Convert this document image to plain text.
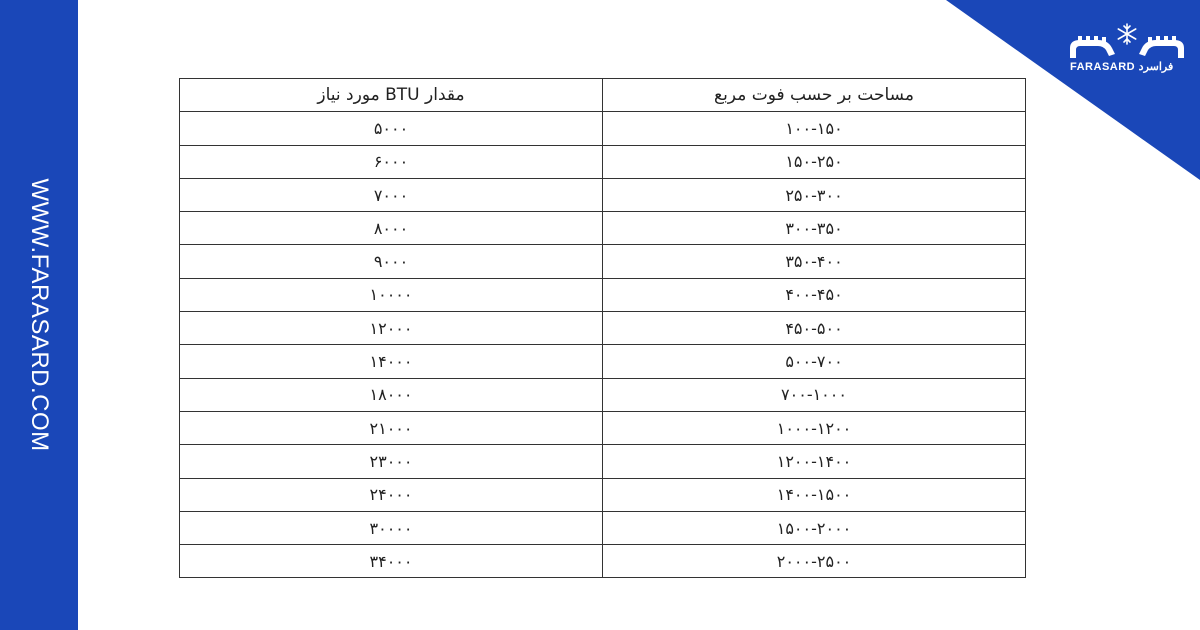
WWW.FARASARD.COM
FARASARD فراسرد
مساحت بر حسب فوت مربع	مقدار BTU مورد نیاز
۱۰۰-۱۵۰	۵۰۰۰
۱۵۰-۲۵۰	۶۰۰۰
۲۵۰-۳۰۰	۷۰۰۰
۳۰۰-۳۵۰	۸۰۰۰
۳۵۰-۴۰۰	۹۰۰۰
۴۰۰-۴۵۰	۱۰۰۰۰
۴۵۰-۵۰۰	۱۲۰۰۰
۵۰۰-۷۰۰	۱۴۰۰۰
۷۰۰-۱۰۰۰	۱۸۰۰۰
۱۰۰۰-۱۲۰۰	۲۱۰۰۰
۱۲۰۰-۱۴۰۰	۲۳۰۰۰
۱۴۰۰-۱۵۰۰	۲۴۰۰۰
۱۵۰۰-۲۰۰۰	۳۰۰۰۰
۲۰۰۰-۲۵۰۰	۳۴۰۰۰
